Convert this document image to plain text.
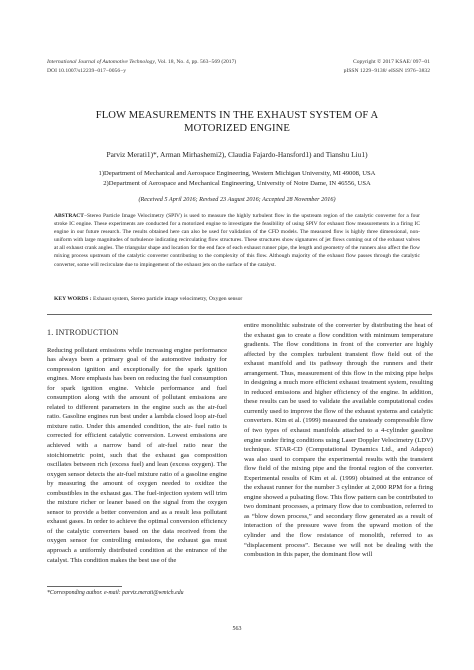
International Journal of Automotive Technology, Vol. 18, No. 4, pp. 563−569 (2017)
DOI 10.1007/s12239−017−0056−y
Copyright © 2017 KSAE/ 097−01
pISSN 1229−9138/ eISSN 1976−3832
FLOW MEASUREMENTS IN THE EXHAUST SYSTEM OF A
MOTORIZED ENGINE
Parviz Merati1)*, Arman Mirhashemi2), Claudia Fajardo-Hansford1) and Tianshu Liu1)
1)Department of Mechanical and Aerospace Engineering, Western Michigan University, MI 49008, USA
2)Department of Aerospace and Mechanical Engineering, University of Notre Dame, IN 46556, USA
(Received 5 April 2016; Revised 23 August 2016; Accepted 28 November 2016)
ABSTRACT−Stereo Particle Image Velocimetry (SPIV) is used to measure the highly turbulent flow in the upstream region of the catalytic converter for a four stroke IC engine. These experiments are conducted for a motorized engine to investigate the feasibility of using SPIV for exhaust flow measurements in a firing IC engine in our future research. The results obtained here can also be used for validation of the CFD models. The measured flow is highly three dimensional, non-uniform with large magnitudes of turbulence indicating recirculating flow structures. These structures show signatures of jet flows coming out of the exhaust valves at all exhaust crank angles. The triangular shape and location for the end face of each exhaust runner pipe, the length and geometry of the runners also affect the flow mixing process upstream of the catalytic converter contributing to the complexity of this flow. Although majority of the exhaust flow passes through the catalytic converter, some will recirculate due to impingement of the exhaust jets on the surface of the catalyst.
KEY WORDS : Exhaust system, Stereo particle image velocimetry, Oxygen sensor
1. INTRODUCTION
Reducing pollutant emissions while increasing engine performance has always been a primary goal of the automotive industry for compression ignition and exceptionally for the spark ignition engines. More emphasis has been on reducing the fuel consumption for spark ignition engine. Vehicle performance and fuel consumption along with the amount of pollutant emissions are related to different parameters in the engine such as the air-fuel ratio. Gasoline engines run best under a lambda closed loop air-fuel mixture ratio. Under this amended condition, the air- fuel ratio is corrected for efficient catalytic conversion. Lowest emissions are achieved with a narrow band of air-fuel ratio near the stoichiometric point, such that the exhaust gas composition oscillates between rich (excess fuel) and lean (excess oxygen). The oxygen sensor detects the air-fuel mixture ratio of a gasoline engine by measuring the amount of oxygen needed to oxidize the combustibles in the exhaust gas. The fuel-injection system will trim the mixture richer or leaner based on the signal from the oxygen sensor to provide a better conversion and as a result less pollutant exhaust gases. In order to achieve the optimal conversion efficiency of the catalytic converters based on the data received from the oxygen sensor for controlling emissions, the exhaust gas must approach a uniformly distributed condition at the entrance of the catalyst. This condition makes the best use of the
entire monolithic substrate of the converter by distributing the heat of the exhaust gas to create a flow condition with minimum temperature gradients. The flow conditions in front of the converter are highly affected by the complex turbulent transient flow field out of the exhaust manifold and its pathway through the runners and their arrangement. Thus, measurement of this flow in the mixing pipe helps in designing a much more efficient exhaust treatment system, resulting in reduced emissions and higher efficiency of the engine. In addition, these results can be used to validate the available computational codes currently used to improve the flow of the exhaust systems and catalytic converters. Kim et al. (1999) measured the unsteady compressible flow of two types of exhaust manifolds attached to a 4-cylinder gasoline engine under firing conditions using Laser Doppler Velocimetry (LDV) technique. STAR-CD (Computational Dynamics Ltd., and Adapco) was also used to compare the experimental results with the transient flow field of the mixing pipe and the frontal region of the converter. Experimental results of Kim et al. (1999) obtained at the entrance of the exhaust runner for the number 3 cylinder at 2,000 RPM for a firing engine showed a pulsating flow. This flow pattern can be contributed to two dominant processes, a primary flow due to combustion, referred to as “blow down process,” and secondary flow generated as a result of interaction of the pressure wave from the upward motion of the cylinder and the flow resistance of monolith, referred to as “displacement process”. Because we will not be dealing with the combustion in this paper, the dominant flow will
*Corresponding author. e-mail: parviz.merati@wmich.edu
563
